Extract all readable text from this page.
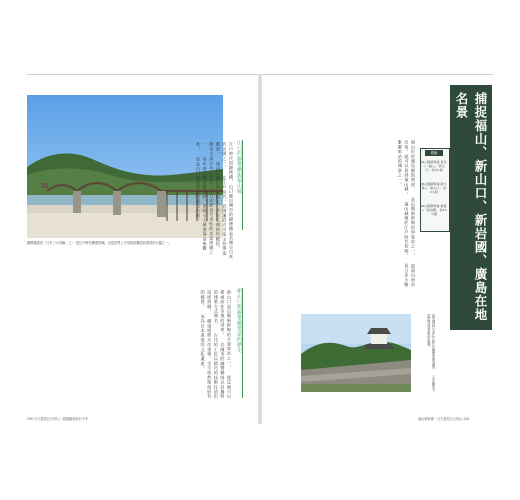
錦帶橋建造「日本三大奇橋」之一 是江戶時代興建的橋，也是世界上少見的結構設計建造的大橋之一。
山口的錦帶橋與福山城
江戶時代的錦帶橋，山口縣岩國市的錦帶橋是名聞全日本的名勝之一， 在江戶時代，岩國藩的吉川家主持建造橋梁， 建造在錦川的河面上，共有五個拱形橋段， 橋身全部以木材建造，是日本最具代表性的木造拱橋之一， 每年春天櫻花盛開時，更吸引大量遊客前來觀賞， 也是山口縣最重要的觀光名勝。
新山口與錦帶橋建造的歷史
新山口是山陽新幹線的主要車站之一， 從這裡可以搭乘前往各地的列車， 岩國市的錦帶橋則以其獨特的建築方式聞名， 古代的工匠以精巧的技術打造出這座拱橋， 橋梁歷經多次重建，至今依然保持原有的樣貌， 成為日本重要的文化遺產。
200 白天看見巨大的山｜跟隨橋梁前行千年
捕捉福山、新山口、新岩國、廣島在地名景
路線
JR山陽新幹線 東京→「福山」「新山口」 約3小時
JR山陽新幹線 新大阪→「新山口」 約2小時
JR山陽新幹線 廣島→「新岩國」 約15分鐘
福山位於廣島縣的東部， 是山陽新幹線的停靠站之一， 從福山車站出來，就可以看到福山城， 福山城建於江戶時代初期， 是日本少數緊鄰車站的城堡之一。
福山城是日本江戶時代初期建造的城堡， 天守閣至今依然保存著當年的風貌。
福山新幹線｜白天看見巨大的山 201
